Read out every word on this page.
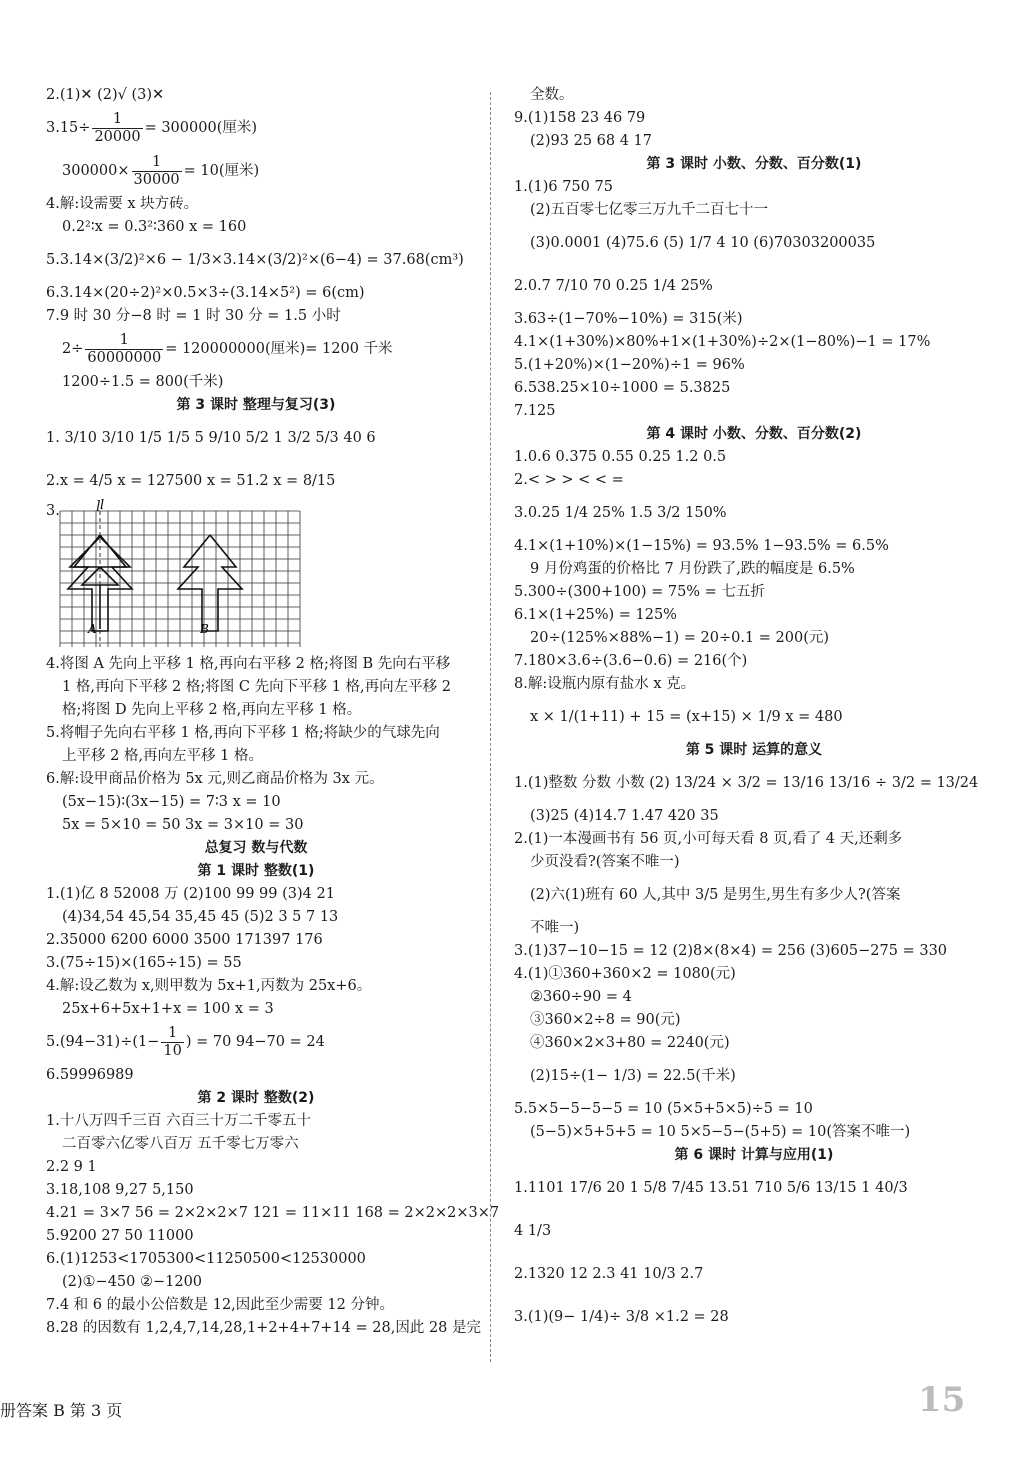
2.(1)✕ (2)√ (3)✕
$3.15\div \frac{1}{20000} = 300000$(厘米)
$300000\times \frac{1}{30000} = 10$(厘米)
4.解:设需要 x 块方砖。
0.2²∶x = 0.3²∶360 x = 160
5.3.14×(3/2)²×6 − 1/3×3.14×(3/2)²×(6−4) = 37.68(cm³)
6.3.14×(20÷2)²×0.5×3÷(3.14×5²) = 6(cm)
7.9 时 30 分−8 时 = 1 时 30 分 = 1.5 小时
$2\div \frac{1}{60000000} = 120000000$(厘米)= 1200 千米
1200÷1.5 = 800(千米)
第 3 课时 整理与复习(3)
1. 3/10 3/10 1/5 1/5 5 9/10 5/2 1 3/2 5/3 40 6
2.x = 4/5 x = 127500 x = 51.2 x = 8/15
3.	l
A	B
l
4.将图 A 先向上平移 1 格,再向右平移 2 格;将图 B 先向右平移
1 格,再向下平移 2 格;将图 C 先向下平移 1 格,再向左平移 2
格;将图 D 先向上平移 2 格,再向左平移 1 格。
5.将帽子先向右平移 1 格,再向下平移 1 格;将缺少的气球先向
上平移 2 格,再向左平移 1 格。
6.解:设甲商品价格为 5x 元,则乙商品价格为 3x 元。
(5x−15)∶(3x−15) = 7∶3 x = 10
5x = 5×10 = 50 3x = 3×10 = 30
总复习 数与代数
第 1 课时 整数(1)
1.(1)亿 8 52008 万 (2)100 99 99 (3)4 21
(4)34,54 45,54 35,45 45 (5)2 3 5 7 13
2.35000 6200 6000 3500 171397 176
3.(75÷15)×(165÷15) = 55
4.解:设乙数为 x,则甲数为 5x+1,丙数为 25x+6。
25x+6+5x+1+x = 100 x = 3
$5.(94-31)\div(1- \frac{1}{10}$ ) = 70 94−70 = 24
6.59996989
第 2 课时 整数(2)
1.十八万四千三百 六百三十万二千零五十
二百零六亿零八百万 五千零七万零六
2.2 9 1
3.18,108 9,27 5,150
4.21 = 3×7 56 = 2×2×2×7 121 = 11×11 168 = 2×2×2×3×7
5.9200 27 50 11000
6.(1)1253<1705300<11250500<12530000
(2)①−450 ②−1200
7.4 和 6 的最小公倍数是 12,因此至少需要 12 分钟。
8.28 的因数有 1,2,4,7,14,28,1+2+4+7+14 = 28,因此 28 是完
全数。
9.(1)158 23 46 79
(2)93 25 68 4 17
第 3 课时 小数、分数、百分数(1)
1.(1)6 750 75
(2)五百零七亿零三万九千二百七十一
(3)0.0001 (4)75.6 (5) 1/7 4 10 (6)70303200035
2.0.7 7/10 70 0.25 1/4 25%
3.63÷(1−70%−10%) = 315(米)
4.1×(1+30%)×80%+1×(1+30%)÷2×(1−80%)−1 = 17%
5.(1+20%)×(1−20%)÷1 = 96%
6.538.25×10÷1000 = 5.3825
7.125
第 4 课时 小数、分数、百分数(2)
1.0.6 0.375 0.55 0.25 1.2 0.5
2.< > > < < =
3.0.25 1/4 25% 1.5 3/2 150%
4.1×(1+10%)×(1−15%) = 93.5% 1−93.5% = 6.5%
9 月份鸡蛋的价格比 7 月份跌了,跌的幅度是 6.5%
5.300÷(300+100) = 75% = 七五折
6.1×(1+25%) = 125%
20÷(125%×88%−1) = 20÷0.1 = 200(元)
7.180×3.6÷(3.6−0.6) = 216(个)
8.解:设瓶内原有盐水 x 克。
x × 1/(1+11) + 15 = (x+15) × 1/9 x = 480
第 5 课时 运算的意义
1.(1)整数 分数 小数 (2) 13/24 × 3/2 = 13/16 13/16 ÷ 3/2 = 13/24
(3)25 (4)14.7 1.47 420 35
2.(1)一本漫画书有 56 页,小可每天看 8 页,看了 4 天,还剩多
少页没看?(答案不唯一)
(2)六(1)班有 60 人,其中 3/5 是男生,男生有多少人?(答案
不唯一)
3.(1)37−10−15 = 12 (2)8×(8×4) = 256 (3)605−275 = 330
4.(1)①360+360×2 = 1080(元)
②360÷90 = 4
③360×2÷8 = 90(元)
④360×2×3+80 = 2240(元)
(2)15÷(1− 1/3) = 22.5(千米)
5.5×5−5−5−5 = 10 (5×5+5×5)÷5 = 10
(5−5)×5+5+5 = 10 5×5−5−(5+5) = 10(答案不唯一)
第 6 课时 计算与应用(1)
1.1101 17/6 20 1 5/8 7/45 13.51 710 5/6 13/15 1 40/3
4 1/3
2.1320 12 2.3 41 10/3 2.7
3.(1)(9− 1/4)÷ 3/8 ×1.2 = 28
册答案 B 第 3 页	15
